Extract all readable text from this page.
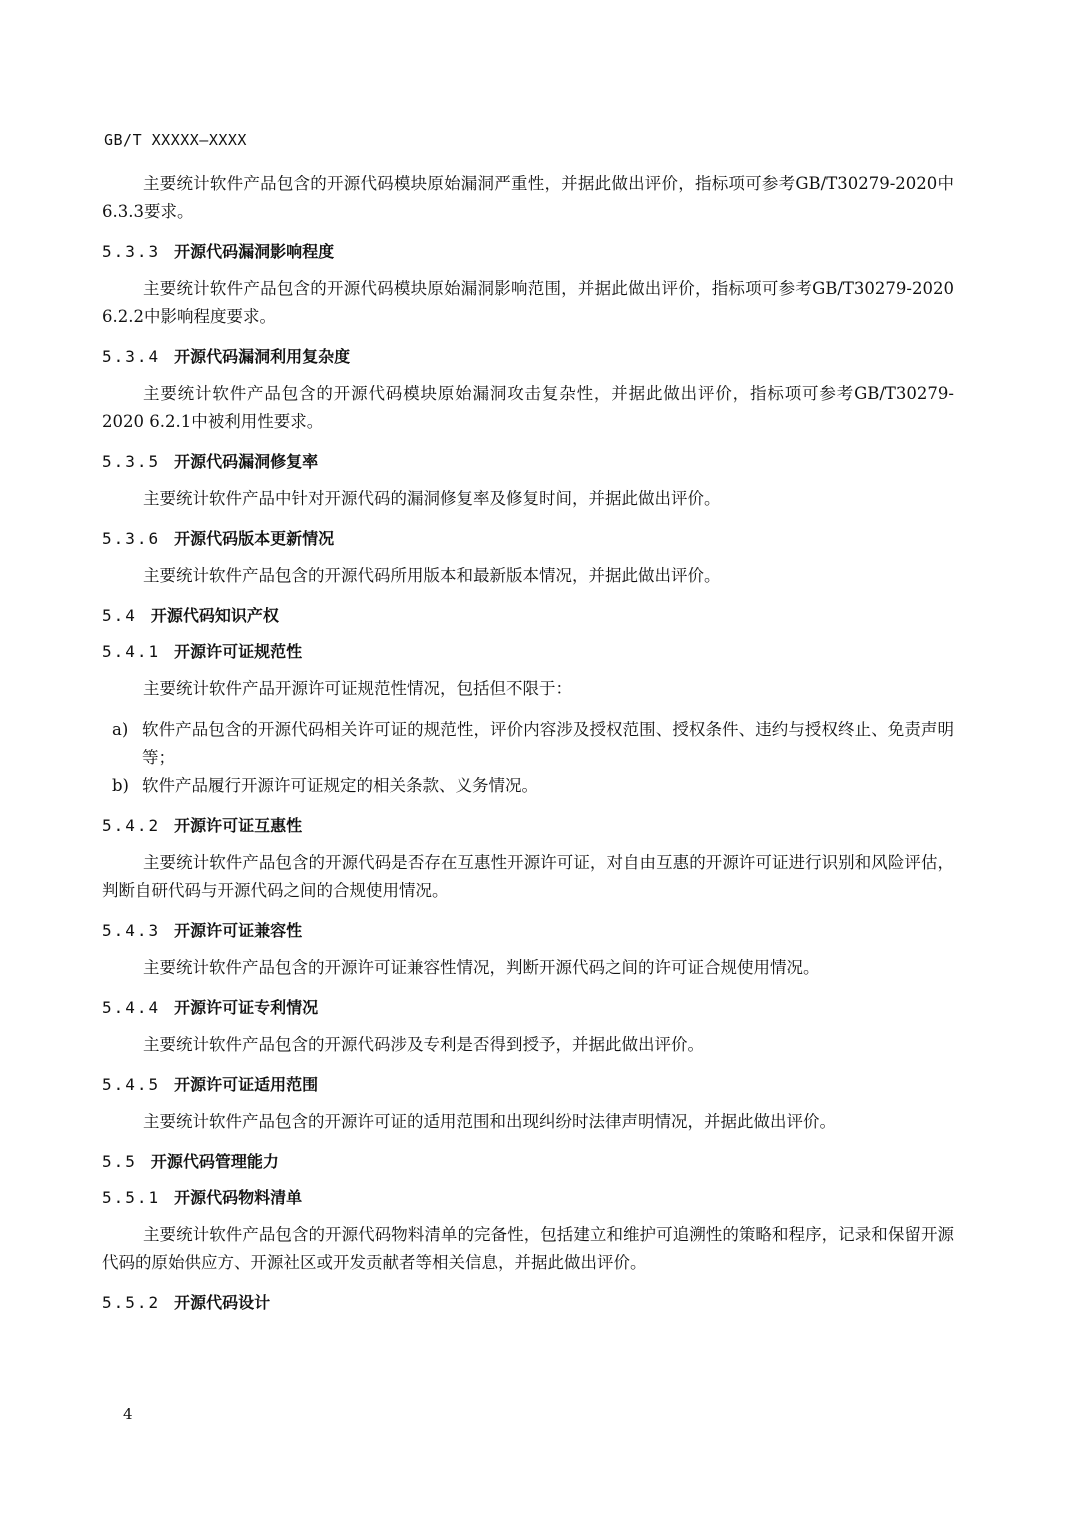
GB/T XXXXX—XXXX

主要统计软件产品包含的开源代码模块原始漏洞严重性，并据此做出评价，指标项可参考GB/T30279-2020中6.3.3要求。

5.3.3 开源代码漏洞影响程度

主要统计软件产品包含的开源代码模块原始漏洞影响范围，并据此做出评价，指标项可参考GB/T30279-2020 6.2.2中影响程度要求。

5.3.4 开源代码漏洞利用复杂度

主要统计软件产品包含的开源代码模块原始漏洞攻击复杂性，并据此做出评价，指标项可参考GB/T30279-2020 6.2.1中被利用性要求。

5.3.5 开源代码漏洞修复率

主要统计软件产品中针对开源代码的漏洞修复率及修复时间，并据此做出评价。

5.3.6 开源代码版本更新情况

主要统计软件产品包含的开源代码所用版本和最新版本情况，并据此做出评价。

5.4 开源代码知识产权
5.4.1 开源许可证规范性

主要统计软件产品开源许可证规范性情况，包括但不限于：

a) 软件产品包含的开源代码相关许可证的规范性，评价内容涉及授权范围、授权条件、违约与授权终止、免责声明等；
b) 软件产品履行开源许可证规定的相关条款、义务情况。
5.4.2 开源许可证互惠性

主要统计软件产品包含的开源代码是否存在互惠性开源许可证，对自由互惠的开源许可证进行识别和风险评估，判断自研代码与开源代码之间的合规使用情况。

5.4.3 开源许可证兼容性

主要统计软件产品包含的开源许可证兼容性情况，判断开源代码之间的许可证合规使用情况。

5.4.4 开源许可证专利情况

主要统计软件产品包含的开源代码涉及专利是否得到授予，并据此做出评价。

5.4.5 开源许可证适用范围

主要统计软件产品包含的开源许可证的适用范围和出现纠纷时法律声明情况，并据此做出评价。

5.5 开源代码管理能力
5.5.1 开源代码物料清单

主要统计软件产品包含的开源代码物料清单的完备性，包括建立和维护可追溯性的策略和程序，记录和保留开源代码的原始供应方、开源社区或开发贡献者等相关信息，并据此做出评价。

5.5.2 开源代码设计
4
